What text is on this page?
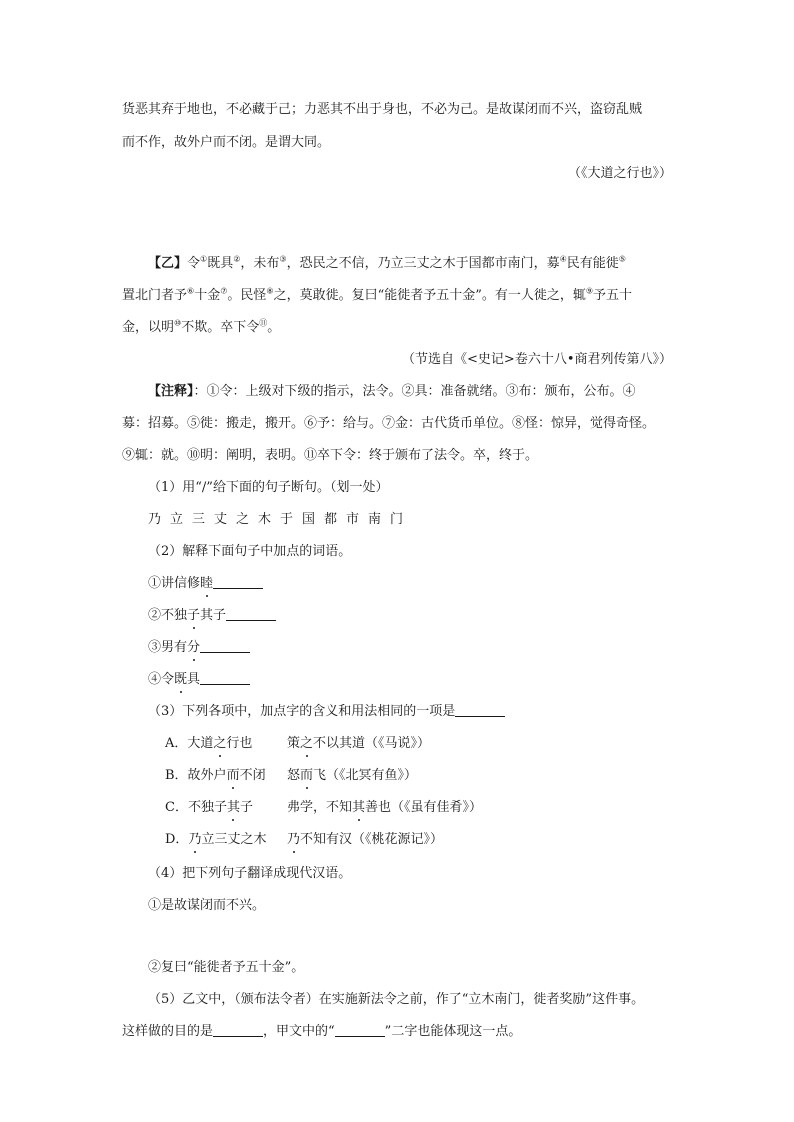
货恶其弃于地也，不必藏于己；力恶其不出于身也，不必为己。是故谋闭而不兴，盗窃乱贼
而不作，故外户而不闭。是谓大同。
（《大道之行也》）
【乙】令①既具②，未布③，恐民之不信，乃立三丈之木于国都市南门，募④民有能徙⑤
置北门者予⑥十金⑦。民怪⑧之，莫敢徙。复曰“能徙者予五十金”。有一人徙之，辄⑨予五十
金，以明⑩不欺。卒下令⑪。
（节选自《<史记>卷六十八•商君列传第八》）
【注释】：①令：上级对下级的指示，法令。②具：准备就绪。③布：颁布，公布。④
募：招募。⑤徙：搬走，搬开。⑥予：给与。⑦金：古代货币单位。⑧怪：惊异，觉得奇怪。
⑨辄：就。⑩明：阐明，表明。⑪卒下令：终于颁布了法令。卒，终于。
（1）用“/”给下面的句子断句。（划一处）
乃立三丈之木于国都市南门
（2）解释下面句子中加点的词语。
①讲信修睦
②不独子其子
③男有分
④令既具
（3）下列各项中，加点字的含义和用法相同的一项是
A．大道之行也	策之不以其道（《马说》）
B．故外户而不闭 怒而飞（《北冥有鱼》）
C．不独子其子	弗学，不知其善也（《虽有佳肴》）
D．乃立三丈之木 乃不知有汉（《桃花源记》）
（4）把下列句子翻译成现代汉语。
①是故谋闭而不兴。
②复曰“能徙者予五十金”。
（5）乙文中，（颁布法令者）在实施新法令之前，作了“立木南门，徙者奖励”这件事。
这样做的目的是	，甲文中的“	”二字也能体现这一点。
